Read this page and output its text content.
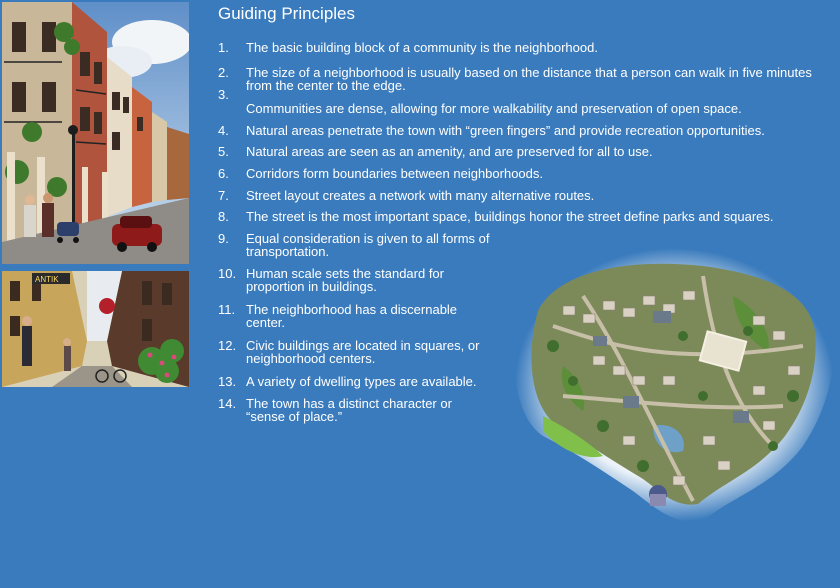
ANTIK
Guiding Principles
1.	The basic building block of a community is the neighborhood.
2.	The size of a neighborhood is usually based on the distance that a person can walk in five minutes from the center to the edge.
3.
Communities are dense, allowing for more walkability and preservation of open space.
4.	Natural areas penetrate the town with “green fingers” and provide recreation opportunities.
5.	Natural areas are seen as an amenity, and are preserved for all to use.
6.	Corridors form boundaries between neighborhoods.
7.	Street layout creates a network with many alternative routes.
8.	The street is the most important space, buildings honor the street define parks and squares.
9.	Equal consideration is given to all forms of transportation.
10. Human scale sets the standard for proportion in buildings.
11. The neighborhood has a discernable center.
12. Civic buildings are located in squares, or neighborhood centers.
13. A variety of dwelling types are available.
14. The town has a distinct character or “sense of place.”
